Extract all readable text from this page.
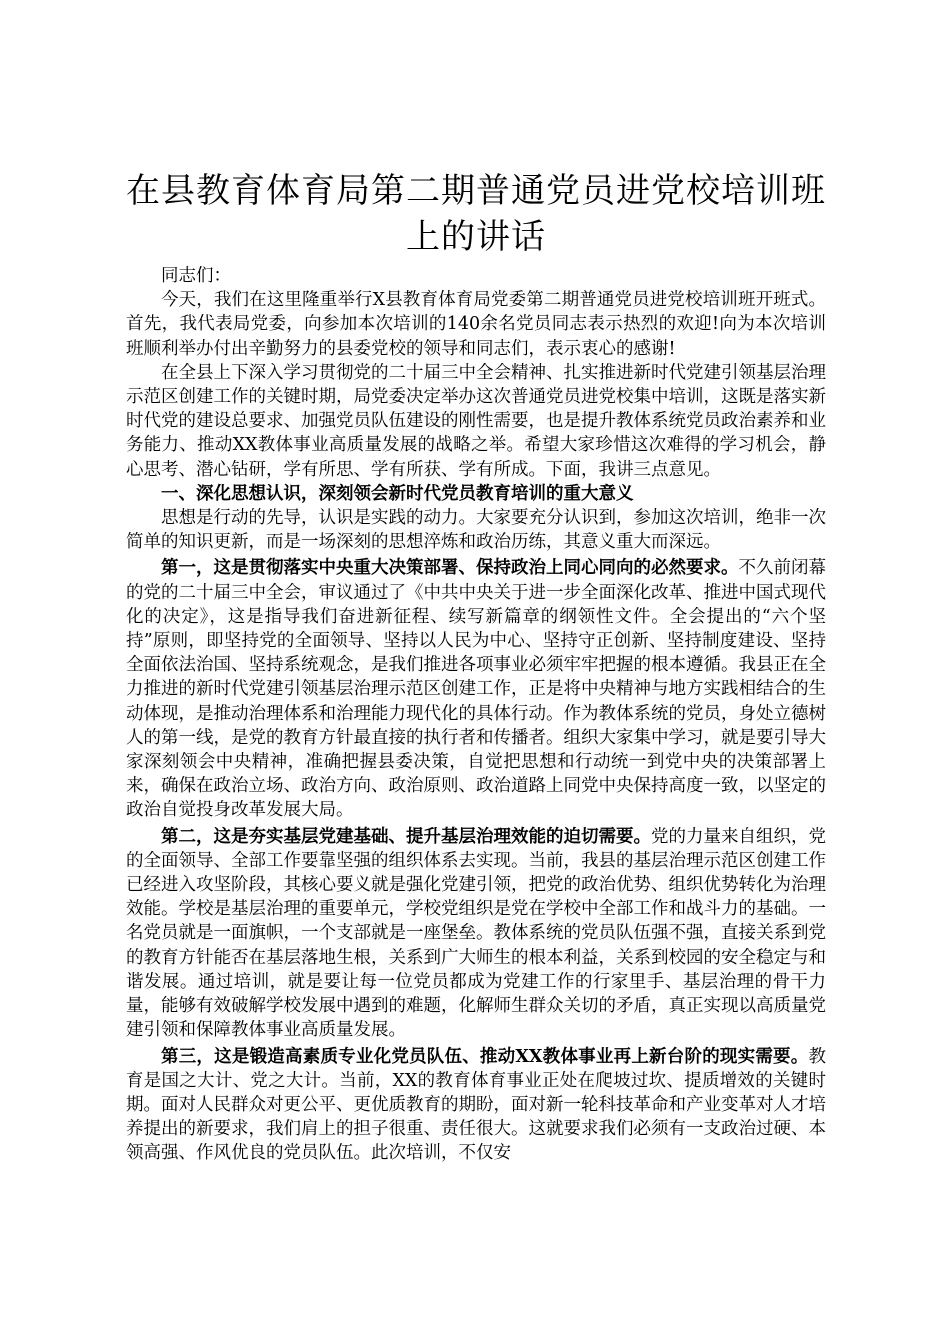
在县教育体育局第二期普通党员进党校培训班上的讲话

同志们：

今天，我们在这里隆重举行X县教育体育局党委第二期普通党员进党校培训班开班式。首先，我代表局党委，向参加本次培训的140余名党员同志表示热烈的欢迎!向为本次培训班顺利举办付出辛勤努力的县委党校的领导和同志们，表示衷心的感谢!

在全县上下深入学习贯彻党的二十届三中全会精神、扎实推进新时代党建引领基层治理示范区创建工作的关键时期，局党委决定举办这次普通党员进党校集中培训，这既是落实新时代党的建设总要求、加强党员队伍建设的刚性需要，也是提升教体系统党员政治素养和业务能力、推动XX教体事业高质量发展的战略之举。希望大家珍惜这次难得的学习机会，静心思考、潜心钻研，学有所思、学有所获、学有所成。下面，我讲三点意见。

一、深化思想认识，深刻领会新时代党员教育培训的重大意义

思想是行动的先导，认识是实践的动力。大家要充分认识到，参加这次培训，绝非一次简单的知识更新，而是一场深刻的思想淬炼和政治历练，其意义重大而深远。

第一，这是贯彻落实中央重大决策部署、保持政治上同心同向的必然要求。不久前闭幕的党的二十届三中全会，审议通过了《中共中央关于进一步全面深化改革、推进中国式现代化的决定》，这是指导我们奋进新征程、续写新篇章的纲领性文件。全会提出的“六个坚持”原则，即坚持党的全面领导、坚持以人民为中心、坚持守正创新、坚持制度建设、坚持全面依法治国、坚持系统观念，是我们推进各项事业必须牢牢把握的根本遵循。我县正在全力推进的新时代党建引领基层治理示范区创建工作，正是将中央精神与地方实践相结合的生动体现，是推动治理体系和治理能力现代化的具体行动。作为教体系统的党员，身处立德树人的第一线，是党的教育方针最直接的执行者和传播者。组织大家集中学习，就是要引导大家深刻领会中央精神，准确把握县委决策，自觉把思想和行动统一到党中央的决策部署上来，确保在政治立场、政治方向、政治原则、政治道路上同党中央保持高度一致，以坚定的政治自觉投身改革发展大局。

第二，这是夯实基层党建基础、提升基层治理效能的迫切需要。党的力量来自组织，党的全面领导、全部工作要靠坚强的组织体系去实现。当前，我县的基层治理示范区创建工作已经进入攻坚阶段，其核心要义就是强化党建引领，把党的政治优势、组织优势转化为治理效能。学校是基层治理的重要单元，学校党组织是党在学校中全部工作和战斗力的基础。一名党员就是一面旗帜，一个支部就是一座堡垒。教体系统的党员队伍强不强，直接关系到党的教育方针能否在基层落地生根，关系到广大师生的根本利益，关系到校园的安全稳定与和谐发展。通过培训，就是要让每一位党员都成为党建工作的行家里手、基层治理的骨干力量，能够有效破解学校发展中遇到的难题，化解师生群众关切的矛盾，真正实现以高质量党建引领和保障教体事业高质量发展。

第三，这是锻造高素质专业化党员队伍、推动XX教体事业再上新台阶的现实需要。教育是国之大计、党之大计。当前，XX的教育体育事业正处在爬坡过坎、提质增效的关键时期。面对人民群众对更公平、更优质教育的期盼，面对新一轮科技革命和产业变革对人才培养提出的新要求，我们肩上的担子很重、责任很大。这就要求我们必须有一支政治过硬、本领高强、作风优良的党员队伍。此次培训，不仅安
